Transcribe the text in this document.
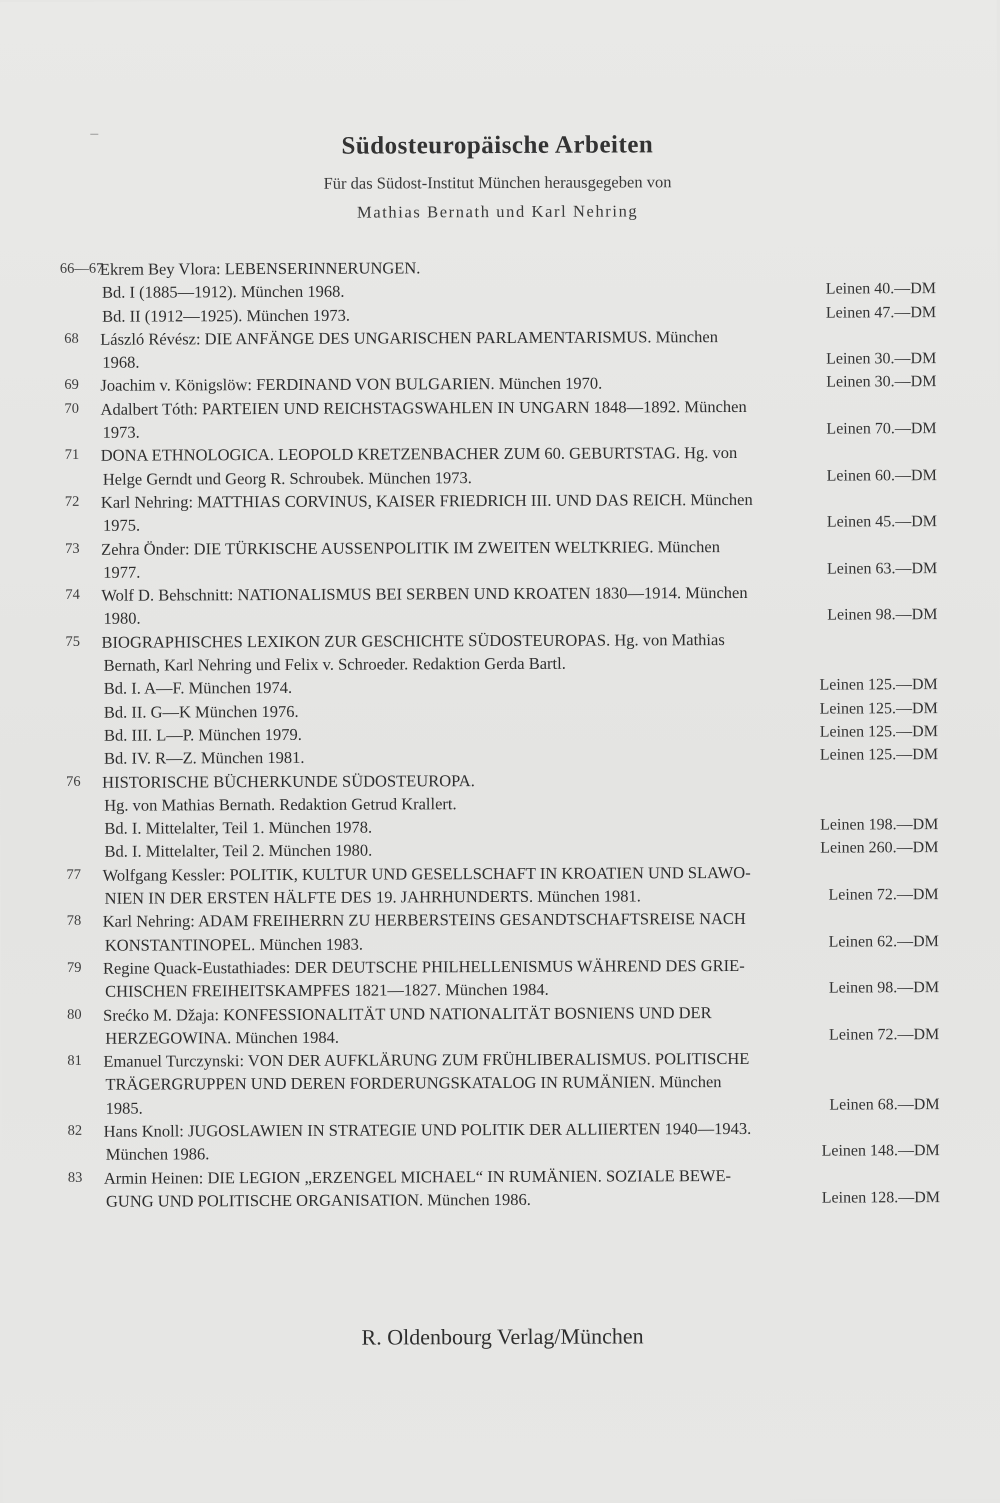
Südosteuropäische Arbeiten
Für das Südost-Institut München herausgegeben von
Mathias Bernath und Karl Nehring
66—67
Ekrem Bey Vlora: LEBENSERINNERUNGEN.
Bd. I (1885—1912). München 1968.	Leinen 40.—DM
Bd. II (1912—1925). München 1973.	Leinen 47.—DM
68 László Révész: DIE ANFÄNGE DES UNGARISCHEN PARLAMENTARISMUS. München
1968.	Leinen 30.—DM
69 Joachim v. Königslöw: FERDINAND VON BULGARIEN. München 1970.	Leinen 30.—DM
70 Adalbert Tóth: PARTEIEN UND REICHSTAGSWAHLEN IN UNGARN 1848—1892. München
1973.	Leinen 70.—DM
71 DONA ETHNOLOGICA. LEOPOLD KRETZENBACHER ZUM 60. GEBURTSTAG. Hg. von
Helge Gerndt und Georg R. Schroubek. München 1973.	Leinen 60.—DM
72 Karl Nehring: MATTHIAS CORVINUS, KAISER FRIEDRICH III. UND DAS REICH. München
1975.	Leinen 45.—DM
73 Zehra Önder: DIE TÜRKISCHE AUSSENPOLITIK IM ZWEITEN WELTKRIEG. München
1977.	Leinen 63.—DM
74 Wolf D. Behschnitt: NATIONALISMUS BEI SERBEN UND KROATEN 1830—1914. München
1980.	Leinen 98.—DM
75 BIOGRAPHISCHES LEXIKON ZUR GESCHICHTE SÜDOSTEUROPAS. Hg. von Mathias
Bernath, Karl Nehring und Felix v. Schroeder. Redaktion Gerda Bartl.
Bd. I. A—F. München 1974.	Leinen 125.—DM
Bd. II. G—K München 1976.	Leinen 125.—DM
Bd. III. L—P. München 1979.	Leinen 125.—DM
Bd. IV. R—Z. München 1981.	Leinen 125.—DM
76 HISTORISCHE BÜCHERKUNDE SÜDOSTEUROPA.
Hg. von Mathias Bernath. Redaktion Getrud Krallert.
Bd. I. Mittelalter, Teil 1. München 1978.	Leinen 198.—DM
Bd. I. Mittelalter, Teil 2. München 1980.	Leinen 260.—DM
77 Wolfgang Kessler: POLITIK, KULTUR UND GESELLSCHAFT IN KROATIEN UND SLAWO-
NIEN IN DER ERSTEN HÄLFTE DES 19. JAHRHUNDERTS. München 1981.	Leinen 72.—DM
78 Karl Nehring: ADAM FREIHERRN ZU HERBERSTEINS GESANDTSCHAFTSREISE NACH
KONSTANTINOPEL. München 1983.	Leinen 62.—DM
79 Regine Quack-Eustathiades: DER DEUTSCHE PHILHELLENISMUS WÄHREND DES GRIE-
CHISCHEN FREIHEITSKAMPFES 1821—1827. München 1984.	Leinen 98.—DM
80 Srećko M. Džaja: KONFESSIONALITÄT UND NATIONALITÄT BOSNIENS UND DER
HERZEGOWINA. München 1984.	Leinen 72.—DM
81 Emanuel Turczynski: VON DER AUFKLÄRUNG ZUM FRÜHLIBERALISMUS. POLITISCHE
TRÄGERGRUPPEN UND DEREN FORDERUNGSKATALOG IN RUMÄNIEN. München
1985.	Leinen 68.—DM
82 Hans Knoll: JUGOSLAWIEN IN STRATEGIE UND POLITIK DER ALLIIERTEN 1940—1943.
München 1986.	Leinen 148.—DM
83 Armin Heinen: DIE LEGION „ERZENGEL MICHAEL“ IN RUMÄNIEN. SOZIALE BEWE-
GUNG UND POLITISCHE ORGANISATION. München 1986.	Leinen 128.—DM
R. Oldenbourg Verlag/München
